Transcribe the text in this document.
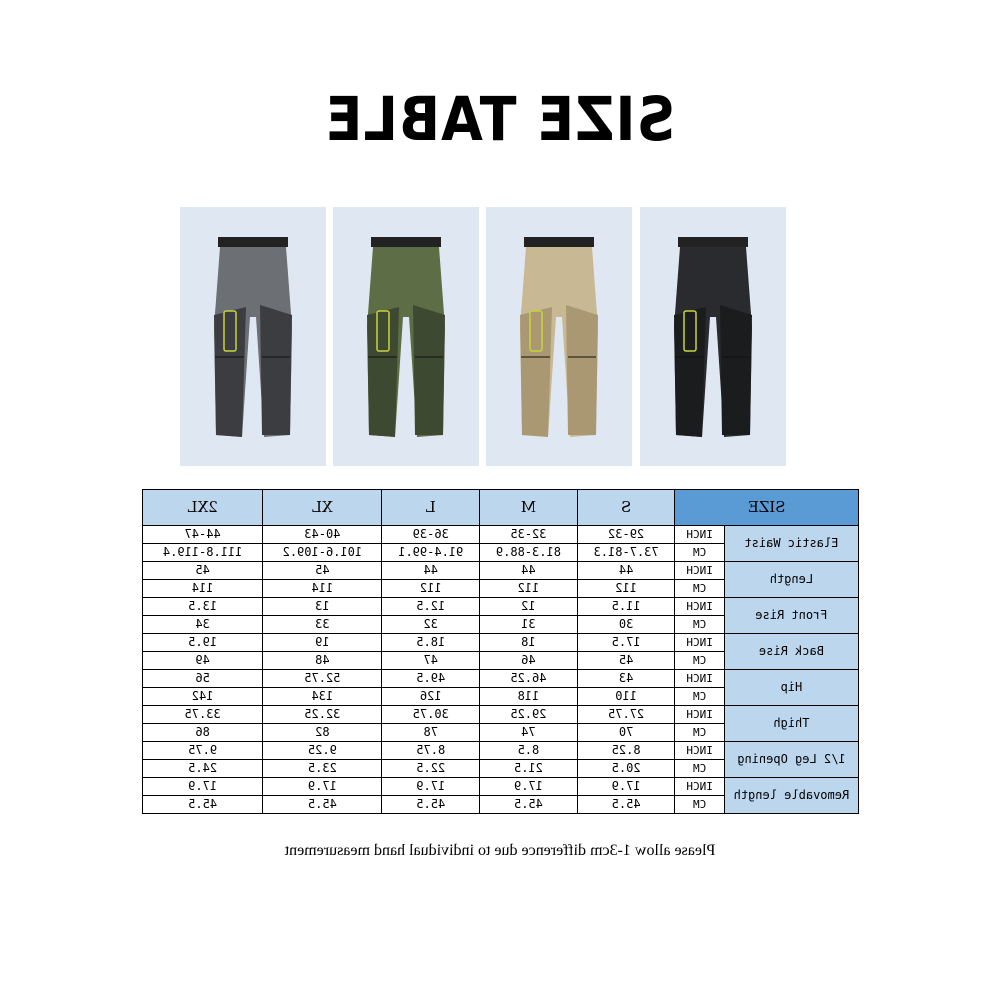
SIZE TABLE
SIZE		S	M	L	XL	2XL
Elastic Waist	INCH	29-32	32-35	36-39	40-43	44-47
	CM	73.7-81.3	81.3-88.9	91.4-99.1	101.6-109.2	111.8-119.4
Length	INCH	44	44	44	45	45
	CM	112	112	112	114	114
Front Rise	INCH	11.5	12	12.5	13	13.5
	CM	30	31	32	33	34
Back Rise	INCH	17.5	18	18.5	19	19.5
	CM	45	46	47	48	49
Hip	INCH	43	46.25	49.5	52.75	56
	CM	110	118	126	134	142
Thigh	INCH	27.75	29.25	30.75	32.25	33.75
	CM	70	74	78	82	86
1/2 Leg Opening	INCH	8.25	8.5	8.75	9.25	9.75
	CM	20.5	21.5	22.5	23.5	24.5
Removable length	INCH	17.9	17.9	17.9	17.9	17.9
	CM	45.5	45.5	45.5	45.5	45.5
Please allow 1-3cm difference due to individual hand measurement
